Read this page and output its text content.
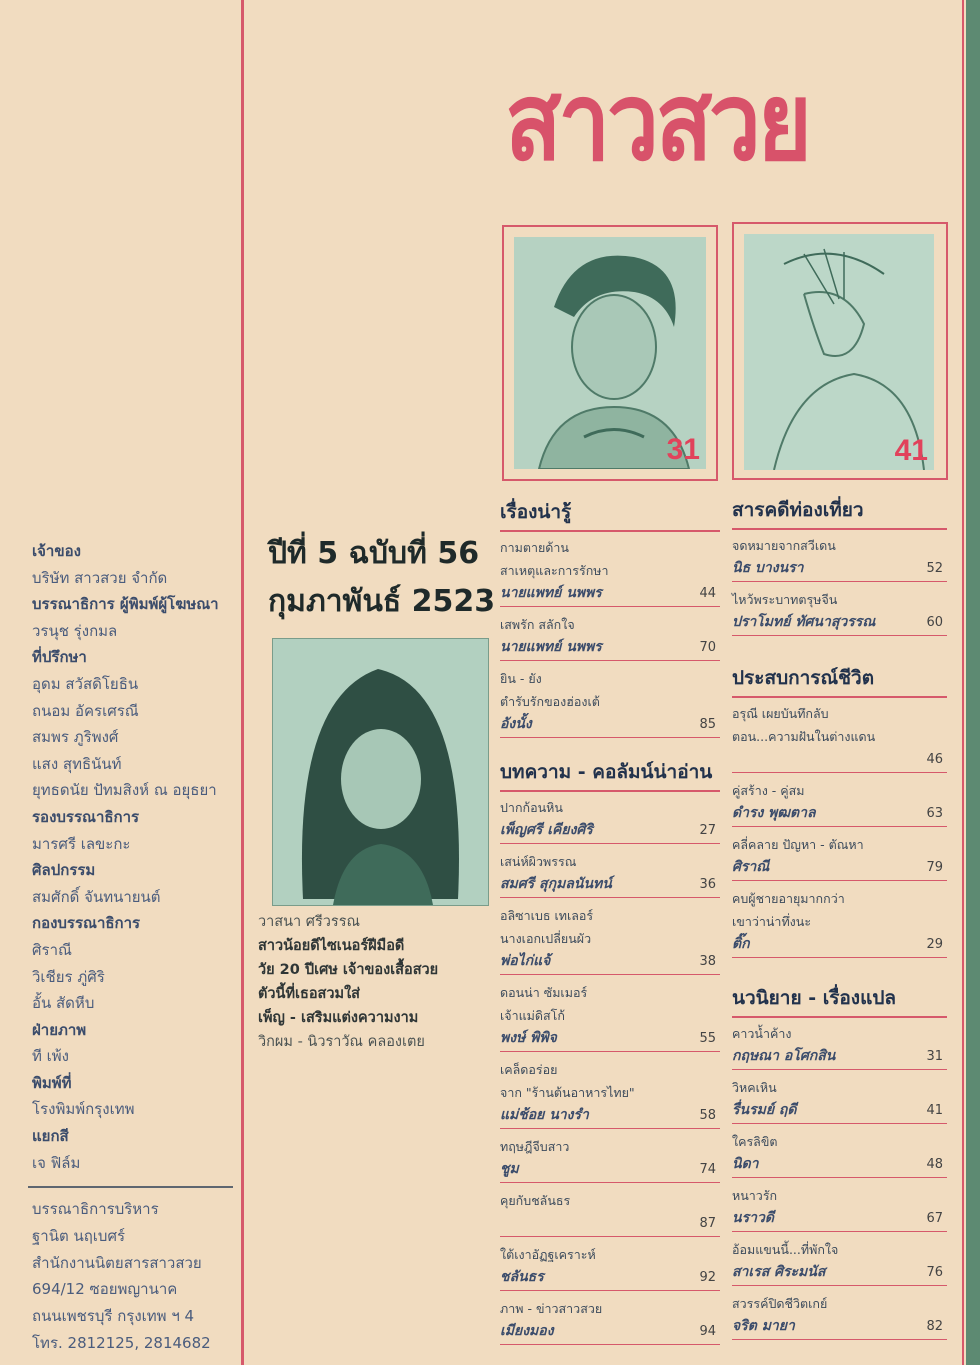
สาวสวย
31	41
ปีที่ 5 ฉบับที่ 56
กุมภาพันธ์ 2523
วาสนา ศรีวรรณ
สาวน้อยดีไซเนอร์ฝีมือดี
วัย 20 ปีเศษ เจ้าของเสื้อสวย
ตัวนี้ที่เธอสวมใส่
เพ็ญ - เสริมแต่งความงาม
วิกผม - นิวราวัณ คลองเตย
เจ้าของ
บริษัท สาวสวย จำกัด
บรรณาธิการ ผู้พิมพ์ผู้โฆษณา
วรนุช รุ่งกมล
ที่ปรึกษา
อุดม สวัสดิโยธิน
ถนอม อัครเศรณี
สมพร ภูริพงศ์
แสง สุทธินันท์
ยุทธดนัย ปัทมสิงห์ ณ อยุธยา
รองบรรณาธิการ
มารศรี เลขะกะ
ศิลปกรรม
สมศักดิ์ จันทนายนต์
กองบรรณาธิการ
ศิราณี
วิเชียร ภู่ศิริ
อั้น สัดหีบ
ฝ่ายภาพ
ที เพ้ง
พิมพ์ที่
โรงพิมพ์กรุงเทพ
แยกสี
เจ ฟิล์ม
บรรณาธิการบริหาร
ฐานิต นฤเบศร์
สำนักงานนิตยสารสาวสวย
694/12 ซอยพญานาค
ถนนเพชรบุรี กรุงเทพ ฯ 4
โทร. 2812125, 2814682
เรื่องน่ารู้
กามตายด้าน
สาเหตุและการรักษา
นายแพทย์ นพพร	44
เสพรัก สลักใจ
นายแพทย์ นพพร	70
ยิน - ยัง
ตำรับรักของฮ่องเต้
อังนั้ง	85
บทความ - คอลัมน์น่าอ่าน
ปากก้อนหิน
เพ็ญศรี เคียงศิริ	27
เสน่ห์ผิวพรรณ
สมศรี สุกุมลนันทน์	36
อลิซาเบธ เทเลอร์
นางเอกเปลี่ยนผัว
พ่อไก่แจ้	38
ดอนน่า ซัมเมอร์
เจ้าแม่ดิสโก้
พงษ์ พิพิจ	55
เคล็ดอร่อย
จาก "ร้านต้นอาหารไทย"
แม่ช้อย นางรำ	58
ทฤษฎีจีบสาว
ชูม	74
คุยกับชลันธร
87
ใต้เงาอัฏฐเคราะห์
ชลันธร	92
ภาพ - ข่าวสาวสวย
เมียงมอง	94
สารคดีท่องเที่ยว
จดหมายจากสวีเดน
นิธ บางนรา	52
ไหว้พระบาทตรุษจีน
ปราโมทย์ ทัศนาสุวรรณ	60
ประสบการณ์ชีวิต
อรุณี เผยบันทึกลับ
ตอน...ความฝันในต่างแดน
46
คู่สร้าง - คู่สม
ดำรง พุฒตาล	63
คลี่คลาย ปัญหา - ตัณหา
ศิราณี	79
คบผู้ชายอายุมากกว่า
เขาว่าน่าทึ่งนะ
ติ๊ก	29
นวนิยาย - เรื่องแปล
คาวน้ำค้าง
กฤษณา อโศกสิน	31
วิหคเหิน
รื่นรมย์ ฤดี	41
ใครลิขิต
นิดา	48
หนาวรัก
นราวดี	67
อ้อมแขนนี้...ที่พักใจ
สาเรส ศิระมนัส	76
สวรรค์ปิดชีวิตเกย์
จริต มายา	82
